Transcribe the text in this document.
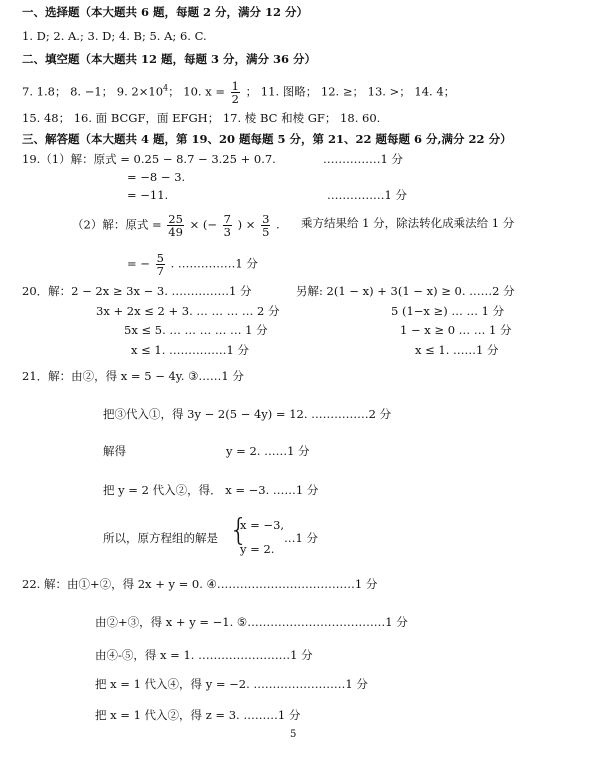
一、选择题（本大题共 6 题，每题 2 分，满分 12 分）
1. D; 2. A.; 3. D; 4. B; 5. A; 6. C.
二、填空题（本大题共 12 题，每题 3 分，满分 36 分）
7. 1.8； 8. −1； 9. $2\times 10^4$； 10. $x = \frac{1}{2}$ ； 11. 图略； 12. ≥； 13. >； 14. 4；
15. 48； 16. 面 BCGF，面 EFGH； 17. 棱 BC 和棱 GF； 18. 60.
三、解答题（本大题共 4 题，第 19、20 题每题 5 分，第 21、22 题每题 6 分,满分 22 分）
19.（1）解：原式 = 0.25 − 8.7 − 3.25 + 0.7.	……………1 分
= −8 − 3.
= −11.	……………1 分
（2）解：原式 = $\frac{25}{49}$ × (− $\frac{7}{3}$ ) × $\frac{3}{5}$ . 乘方结果给 1 分，除法转化成乘法给 1 分
= − $\frac{5}{7}$ . ……………1 分
20．解：2 − 2x ≥ 3x − 3. ……………1 分	另解: 2(1 − x) + 3(1 − x) ≥ 0. ……2 分
3x + 2x ≤ 2 + 3. … … … … 2 分	5 (1−x ≥) … … 1 分
5x ≤ 5. … … … … … 1 分	1 − x ≥ 0 … … 1 分
x ≤ 1. ……………1 分	x ≤ 1. ……1 分
21．解：由②，得 x = 5 − 4y. ③……1 分
把③代入①，得 3y − 2(5 − 4y) = 12. ……………2 分
解得	y = 2. ……1 分
把 y = 2 代入②，得． x = −3. ……1 分
所以，原方程组的解是 {
x = −3,
y = 2.
…1 分
22. 解：由①+②，得 2x + y = 0. ④………………………………1 分
由②+③，得 x + y = −1. ⑤………………………………1 分
由④-⑤，得 x = 1. ……………………1 分
把 x = 1 代入④，得 y = −2. ……………………1 分
把 x = 1 代入②，得 z = 3. ………1 分
5
